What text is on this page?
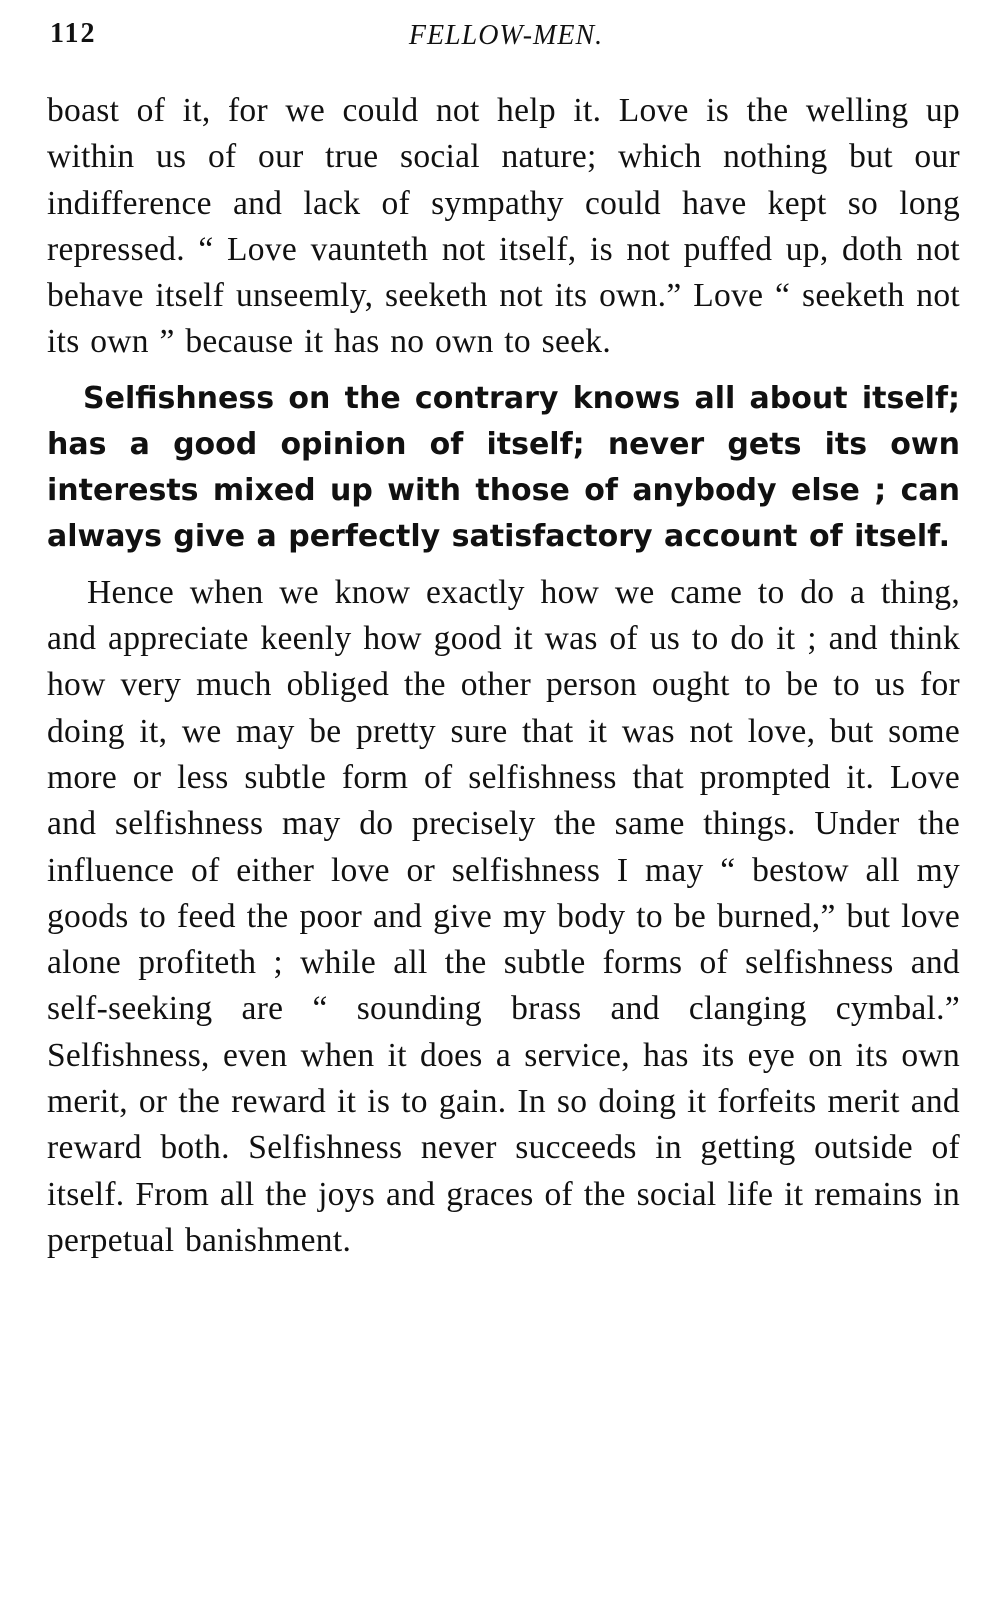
112	FELLOW-MEN.

boast of it, for we could not help it. Love is the welling up within us of our true social nature; which nothing but our indifference and lack of sympathy could have kept so long repressed. “ Love vaunteth not itself, is not puffed up, doth not behave itself unseemly, seeketh not its own.” Love “ seeketh not its own ” because it has no own to seek.

Selfishness on the contrary knows all about itself; has a good opinion of itself; never gets its own interests mixed up with those of anybody else ; can always give a perfectly satisfactory account of itself.

Hence when we know exactly how we came to do a thing, and appreciate keenly how good it was of us to do it ; and think how very much obliged the other person ought to be to us for doing it, we may be pretty sure that it was not love, but some more or less subtle form of selfishness that prompted it. Love and selfishness may do precisely the same things. Under the influence of either love or selfishness I may “ bestow all my goods to feed the poor and give my body to be burned,” but love alone profiteth ; while all the subtle forms of selfishness and self-seeking are “ sounding brass and clanging cymbal.” Selfishness, even when it does a service, has its eye on its own merit, or the reward it is to gain. In so doing it forfeits merit and reward both. Selfishness never succeeds in getting outside of itself. From all the joys and graces of the social life it remains in perpetual banishment.
